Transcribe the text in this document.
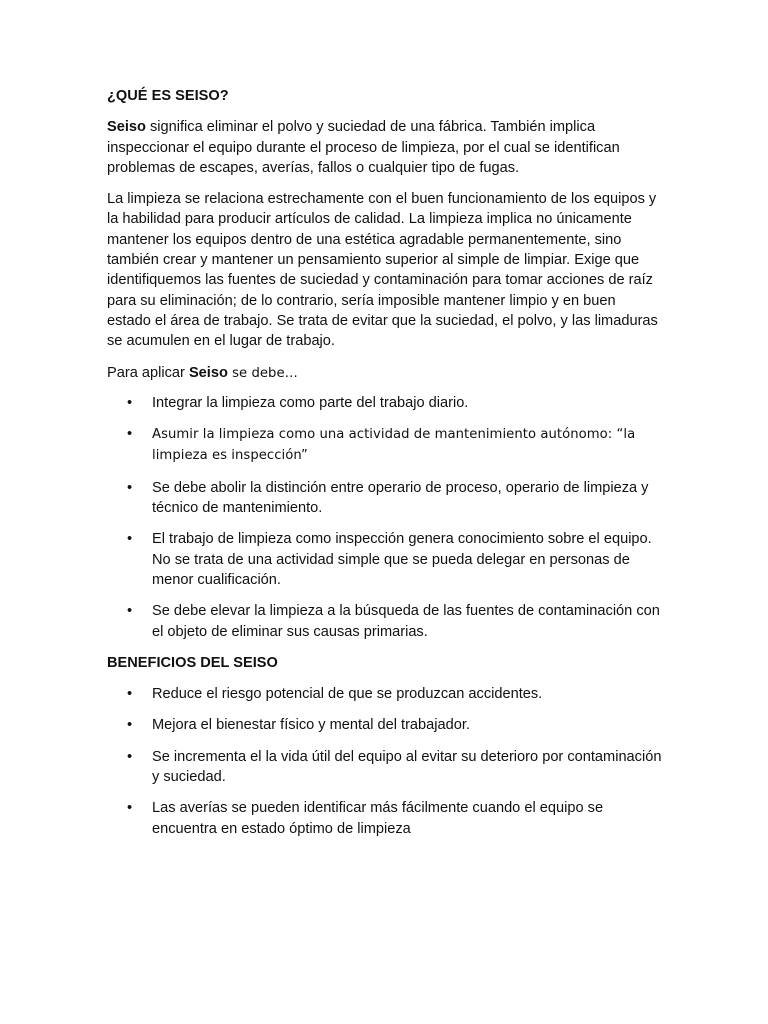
¿QUÉ ES SEISO?

Seiso significa eliminar el polvo y suciedad de una fábrica. También implica inspeccionar el equipo durante el proceso de limpieza, por el cual se identifican problemas de escapes, averías, fallos o cualquier tipo de fugas.

La limpieza se relaciona estrechamente con el buen funcionamiento de los equipos y la habilidad para producir artículos de calidad. La limpieza implica no únicamente mantener los equipos dentro de una estética agradable permanentemente, sino también crear y mantener un pensamiento superior al simple de limpiar. Exige que identifiquemos las fuentes de suciedad y contaminación para tomar acciones de raíz para su eliminación; de lo contrario, sería imposible mantener limpio y en buen estado el área de trabajo. Se trata de evitar que la suciedad, el polvo, y las limaduras se acumulen en el lugar de trabajo.

Para aplicar Seiso se debe…

• Integrar la limpieza como parte del trabajo diario.
• Asumir la limpieza como una actividad de mantenimiento autónomo: “la limpieza es inspección”
• Se debe abolir la distinción entre operario de proceso, operario de limpieza y técnico de mantenimiento.
• El trabajo de limpieza como inspección genera conocimiento sobre el equipo. No se trata de una actividad simple que se pueda delegar en personas de menor cualificación.
• Se debe elevar la limpieza a la búsqueda de las fuentes de contaminación con el objeto de eliminar sus causas primarias.

BENEFICIOS DEL SEISO

• Reduce el riesgo potencial de que se produzcan accidentes.
• Mejora el bienestar físico y mental del trabajador.
• Se incrementa el la vida útil del equipo al evitar su deterioro por contaminación y suciedad.
• Las averías se pueden identificar más fácilmente cuando el equipo se encuentra en estado óptimo de limpieza
